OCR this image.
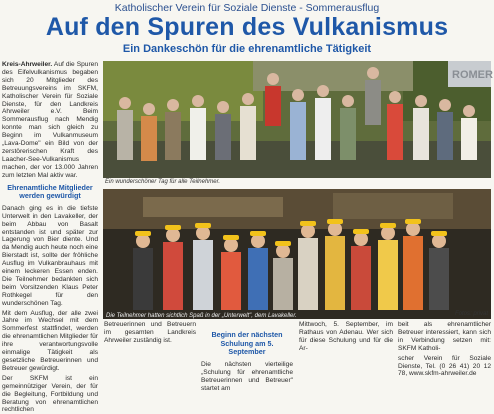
Katholischer Verein für Soziale Dienste - Sommerausflug
Auf den Spuren des Vulkanismus
Ein Dankeschön für die ehrenamtliche Tätigkeit

Kreis-Ahrweiler. Auf die Spuren des Eifelvulkanismus begaben sich 20 Mitglieder des Betreuungsvereins im SKFM, Katholischer Verein für Soziale Dienste, für den Landkreis Ahrweiler e.V. Beim Sommerausflug nach Mendig konnte man sich gleich zu Beginn im Vulkanmuseum „Lava-Dome" ein Bild von der zerstörerischen Kraft des Laacher-See-Vulkanismus machen, der vor 13.000 Jahren zum letzten Mal aktiv war.

Ehrenamtliche Mitglieder werden gewürdigt

Danach ging es in die tiefste Unterwelt in den Lavakeller, der beim Abbau von Basalt entstanden ist und später zur Lagerung von Bier diente. Und da Mendig auch heute noch eine Bierstadt ist, sollte der fröhliche Ausflug im Vulkanbrauhaus mit einem leckeren Essen enden. Die Teilnehmer bedankten sich beim Vorsitzenden Klaus Peter Rothkegel für den wunderschönen Tag.

Mit dem Ausflug, der alle zwei Jahre im Wechsel mit dem Sommerfest stattfindet, werden die ehrenamtlichen Mitglieder für ihre verantwortungsvolle einmalige Tätigkeit als gesetzliche Betreuerinnen und Betreuer gewürdigt.

Der SKFM ist ein gemeinnütziger Verein, der für die Begleitung, Fortbildung und Beratung von ehrenamtlichen rechtlichen

ROMER
Ein wunderschöner Tag für alle Teilnehmer.
Die Teilnehmer hatten sichtlich Spaß in der „Unterwelt", dem Lavakeller.	Fotos: privat

Betreuerinnen und Betreuern im gesamten Landkreis Ahrweiler zuständig ist.

Beginn der nächsten Schulung am 5. September

Die nächsten vierteilige „Schulung für ehrenamtliche Betreuerinnen und Betreuer" startet am

Mittwoch, 5. September, im Rathaus von Adenau. Wer sich für diese Schulung und für die Ar-

beit als ehrenamtlicher Betreuer interessiert, kann sich in Verbindung setzen mit: SKFM Katholi-

scher Verein für Soziale Dienste, Tel. (0 26 41) 20 12 78, www.skfm-ahrweiler.de
